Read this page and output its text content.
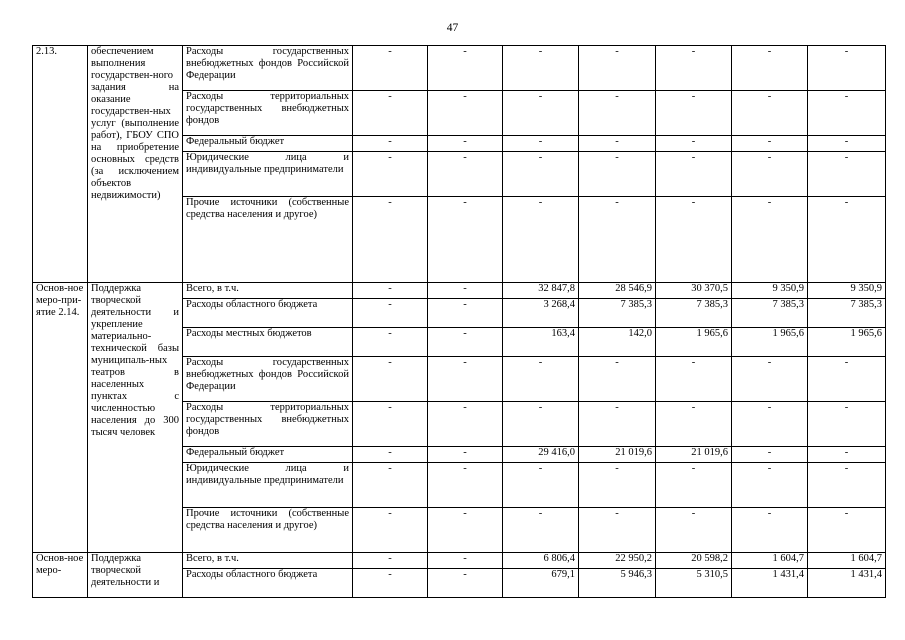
47
2.13.	обеспечением выполнения государствен-ного задания на оказание государствен-ных услуг (выполнение работ), ГБОУ СПО на приобретение основных средств (за исключением объектов недвижимости)	Расходы государственных внебюджетных фондов Российской Федерации	-	-	-	-	-	-	-
		Расходы территориальных государственных внебюджетных фондов	-	-	-	-	-	-	-
		Федеральный бюджет	-	-	-	-	-	-	-
		Юридические лица и индивидуальные предприниматели	-	-	-	-	-	-	-
		Прочие источники (собственные средства населения и другое)	-	-	-	-	-	-	-
Основ-ное меро-при-ятие 2.14.	Поддержка творческой деятельности и укрепление материально-технической базы муниципаль-ных театров в населенных пунктах с численностью населения до 300 тысяч человек	Всего, в т.ч.	-	-	32 847,8	28 546,9	30 370,5	9 350,9	9 350,9
		Расходы областного бюджета	-	-	3 268,4	7 385,3	7 385,3	7 385,3	7 385,3
		Расходы местных бюджетов	-	-	163,4	142,0	1 965,6	1 965,6	1 965,6
		Расходы государственных внебюджетных фондов Российской Федерации	-	-	-	-	-	-	-
		Расходы территориальных государственных внебюджетных фондов	-	-	-	-	-	-	-
		Федеральный бюджет	-	-	29 416,0	21 019,6	21 019,6	-	-
		Юридические лица и индивидуальные предприниматели	-	-	-	-	-	-	-
		Прочие источники (собственные средства населения и другое)	-	-	-	-	-	-	-
Основ-ное меро-	Поддержка творческой деятельности и	Всего, в т.ч.	-	-	6 806,4	22 950,2	20 598,2	1 604,7	1 604,7
		Расходы областного бюджета	-	-	679,1	5 946,3	5 310,5	1 431,4	1 431,4
